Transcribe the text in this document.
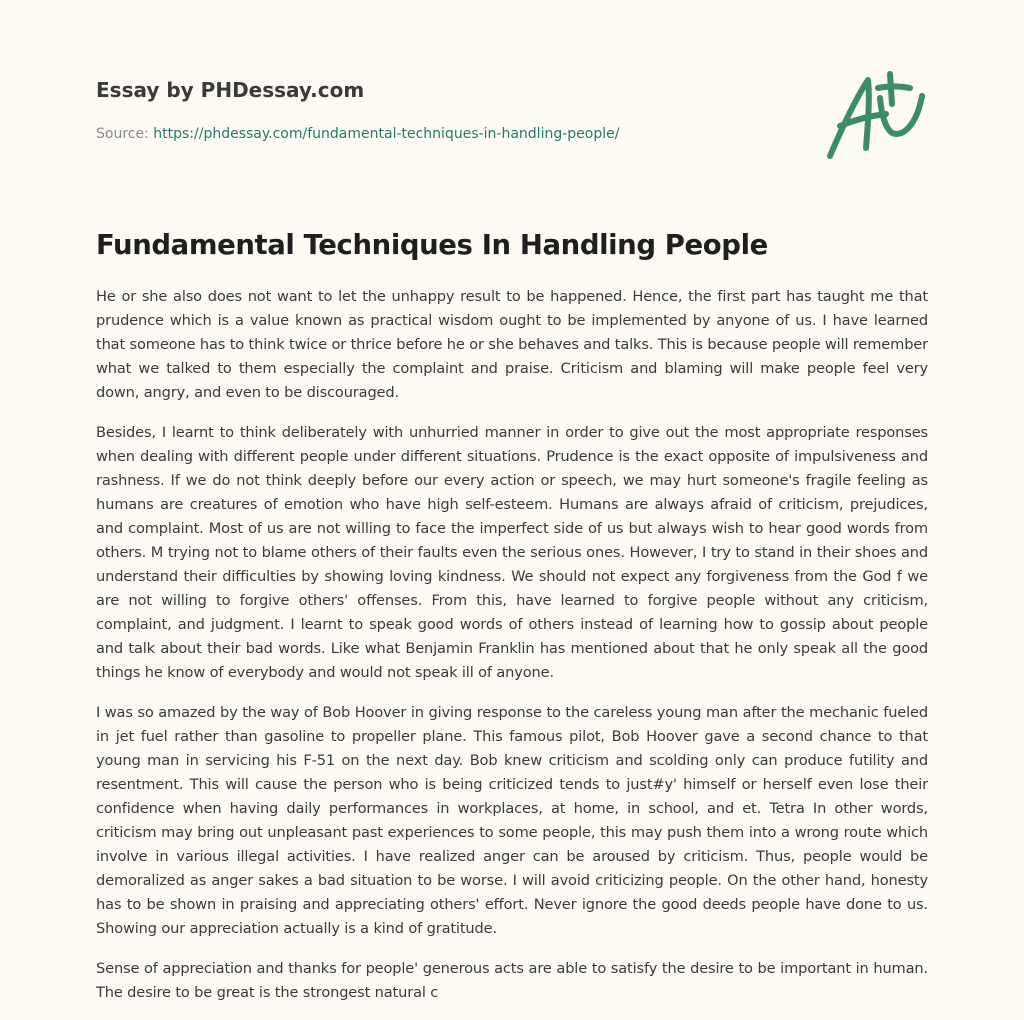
Essay by PHDessay.com
Source: https://phdessay.com/fundamental-techniques-in-handling-people/
Fundamental Techniques In Handling People

He or she also does not want to let the unhappy result to be happened. Hence, the first part has taught me that prudence which is a value known as practical wisdom ought to be implemented by anyone of us. I have learned that someone has to think twice or thrice before he or she behaves and talks. This is because people will remember what we talked to them especially the complaint and praise. Criticism and blaming will make people feel very down, angry, and even to be discouraged.

Besides, I learnt to think deliberately with unhurried manner in order to give out the most appropriate responses when dealing with different people under different situations. Prudence is the exact opposite of impulsiveness and rashness. If we do not think deeply before our every action or speech, we may hurt someone's fragile feeling as humans are creatures of emotion who have high self-esteem. Humans are always afraid of criticism, prejudices, and complaint. Most of us are not willing to face the imperfect side of us but always wish to hear good words from others. M trying not to blame others of their faults even the serious ones. However, I try to stand in their shoes and understand their difficulties by showing loving kindness. We should not expect any forgiveness from the God f we are not willing to forgive others' offenses. From this, have learned to forgive people without any criticism, complaint, and judgment. I learnt to speak good words of others instead of learning how to gossip about people and talk about their bad words. Like what Benjamin Franklin has mentioned about that he only speak all the good things he know of everybody and would not speak ill of anyone.

I was so amazed by the way of Bob Hoover in giving response to the careless young man after the mechanic fueled in jet fuel rather than gasoline to propeller plane. This famous pilot, Bob Hoover gave a second chance to that young man in servicing his F-51 on the next day. Bob knew criticism and scolding only can produce futility and resentment. This will cause the person who is being criticized tends to just#y' himself or herself even lose their confidence when having daily performances in workplaces, at home, in school, and et. Tetra In other words, criticism may bring out unpleasant past experiences to some people, this may push them into a wrong route which involve in various illegal activities. I have realized anger can be aroused by criticism. Thus, people would be demoralized as anger sakes a bad situation to be worse. I will avoid criticizing people. On the other hand, honesty has to be shown in praising and appreciating others' effort. Never ignore the good deeds people have done to us. Showing our appreciation actually is a kind of gratitude.

Sense of appreciation and thanks for people' generous acts are able to satisfy the desire to be important in human. The desire to be great is the strongest natural c
